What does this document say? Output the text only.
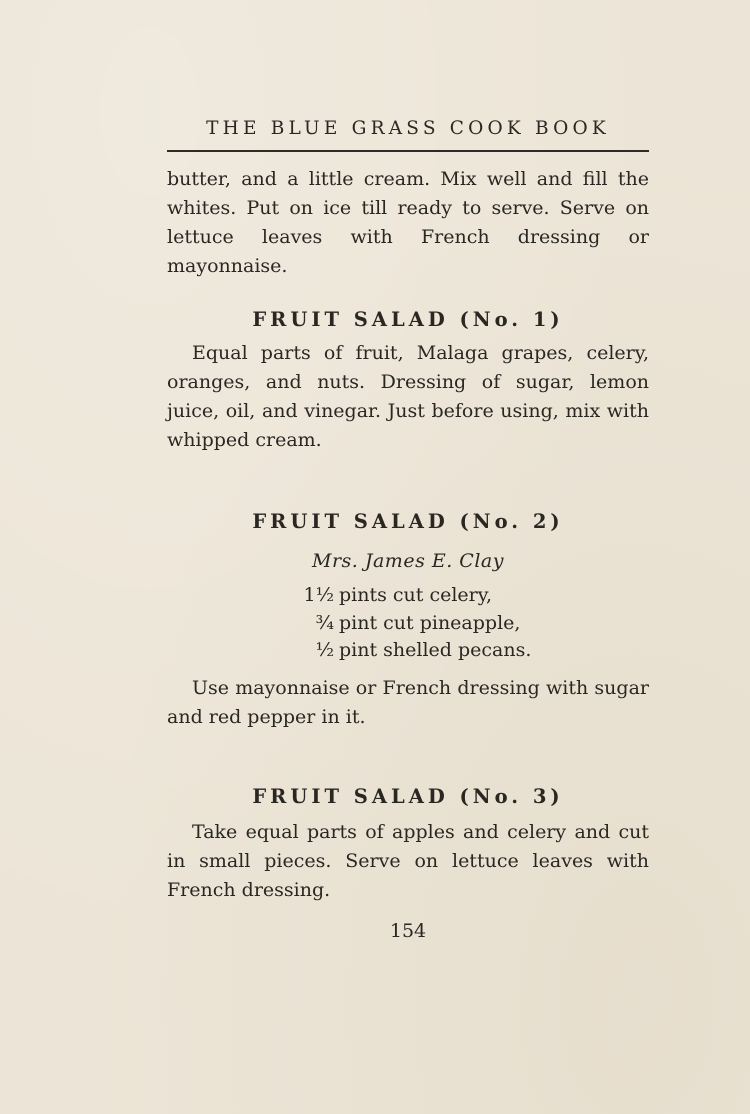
THE BLUE GRASS COOK BOOK

butter, and a little cream. Mix well and fill the whites. Put on ice till ready to serve. Serve on lettuce leaves with French dressing or mayonnaise.

FRUIT SALAD (No. 1)

Equal parts of fruit, Malaga grapes, celery, oranges, and nuts. Dressing of sugar, lemon juice, oil, and vinegar. Just before using, mix with whipped cream.

FRUIT SALAD (No. 2)
Mrs. James E. Clay
1½ pints cut celery,
¾ pint cut pineapple,
½ pint shelled pecans.

Use mayonnaise or French dressing with sugar and red pepper in it.

FRUIT SALAD (No. 3)

Take equal parts of apples and celery and cut in small pieces. Serve on lettuce leaves with French dressing.

154
